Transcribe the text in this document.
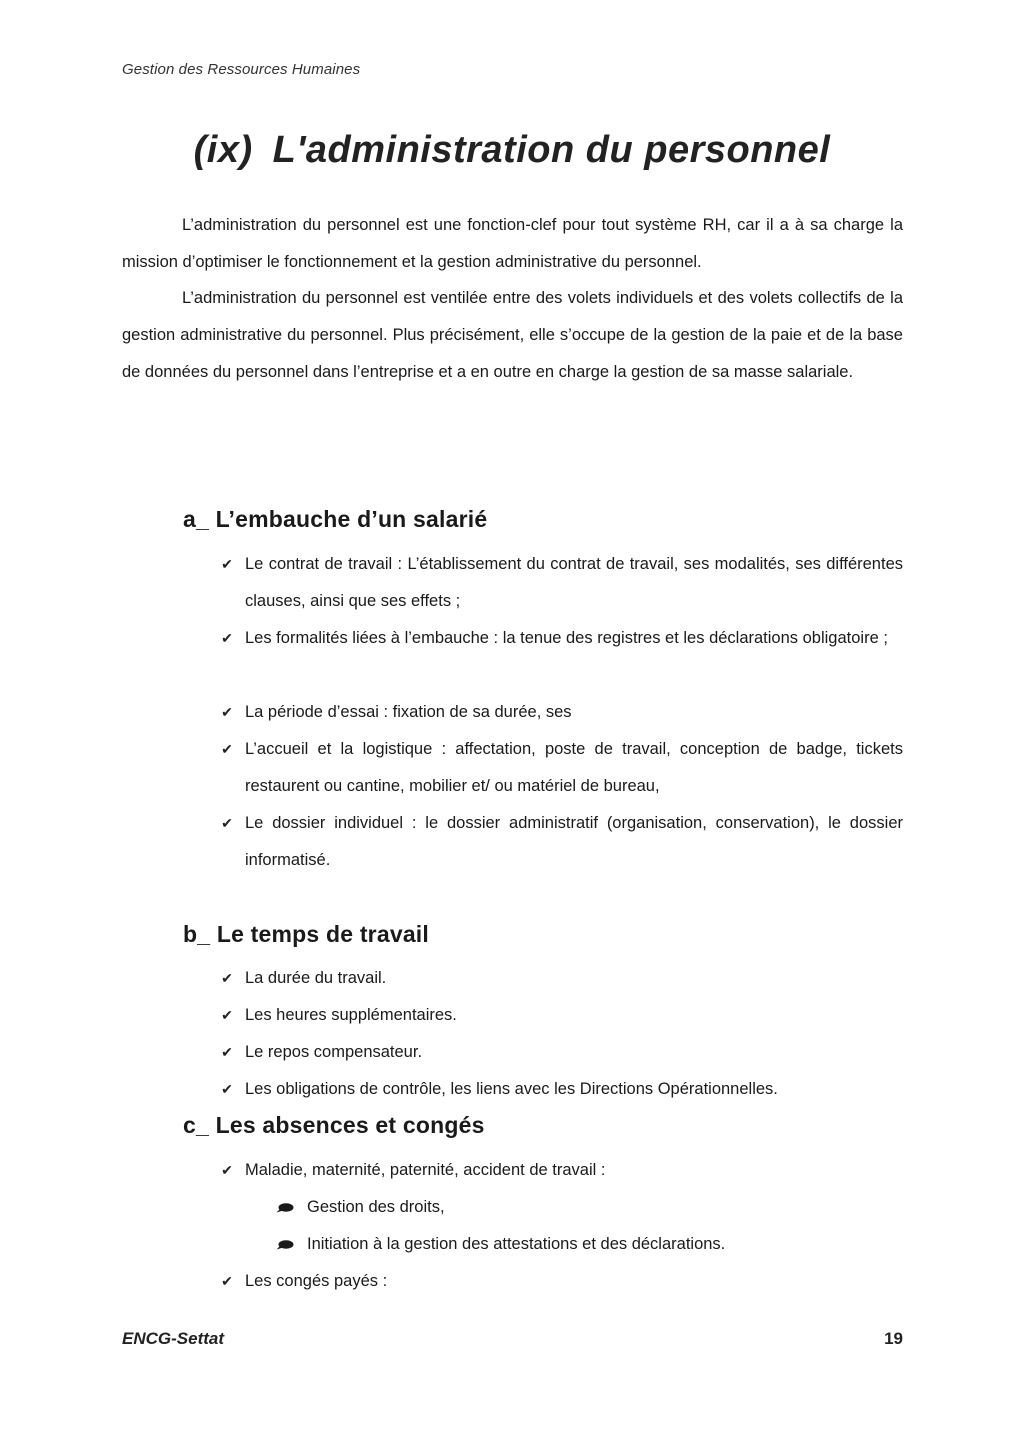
Gestion des Ressources Humaines
(ix) L'administration du personnel

L’administration du personnel est une fonction-clef pour tout système RH, car il a à sa charge la mission d’optimiser le fonctionnement et la gestion administrative du personnel.

L’administration du personnel est ventilée entre des volets individuels et des volets collectifs de la gestion administrative du personnel. Plus précisément, elle s’occupe de la gestion de la paie et de la base de données du personnel dans l’entreprise et a en outre en charge la gestion de sa masse salariale.

a_ L’embauche d’un salarié
✔ Le contrat de travail : L’établissement du contrat de travail, ses modalités, ses différentes clauses, ainsi que ses effets ;
✔ Les formalités liées à l’embauche : la tenue des registres et les déclarations obligatoire ;
✔ La période d’essai : fixation de sa durée, ses
✔ L’accueil et la logistique : affectation, poste de travail, conception de badge, tickets restaurent ou cantine, mobilier et/ ou matériel de bureau,
✔ Le dossier individuel : le dossier administratif (organisation, conservation), le dossier informatisé.
b_ Le temps de travail
✔ La durée du travail.
✔ Les heures supplémentaires.
✔ Le repos compensateur.
✔ Les obligations de contrôle, les liens avec les Directions Opérationnelles.
c_ Les absences et congés
✔ Maladie, maternité, paternité, accident de travail :
Gestion des droits,
Initiation à la gestion des attestations et des déclarations.
✔ Les congés payés :
ENCG-Settat	19
